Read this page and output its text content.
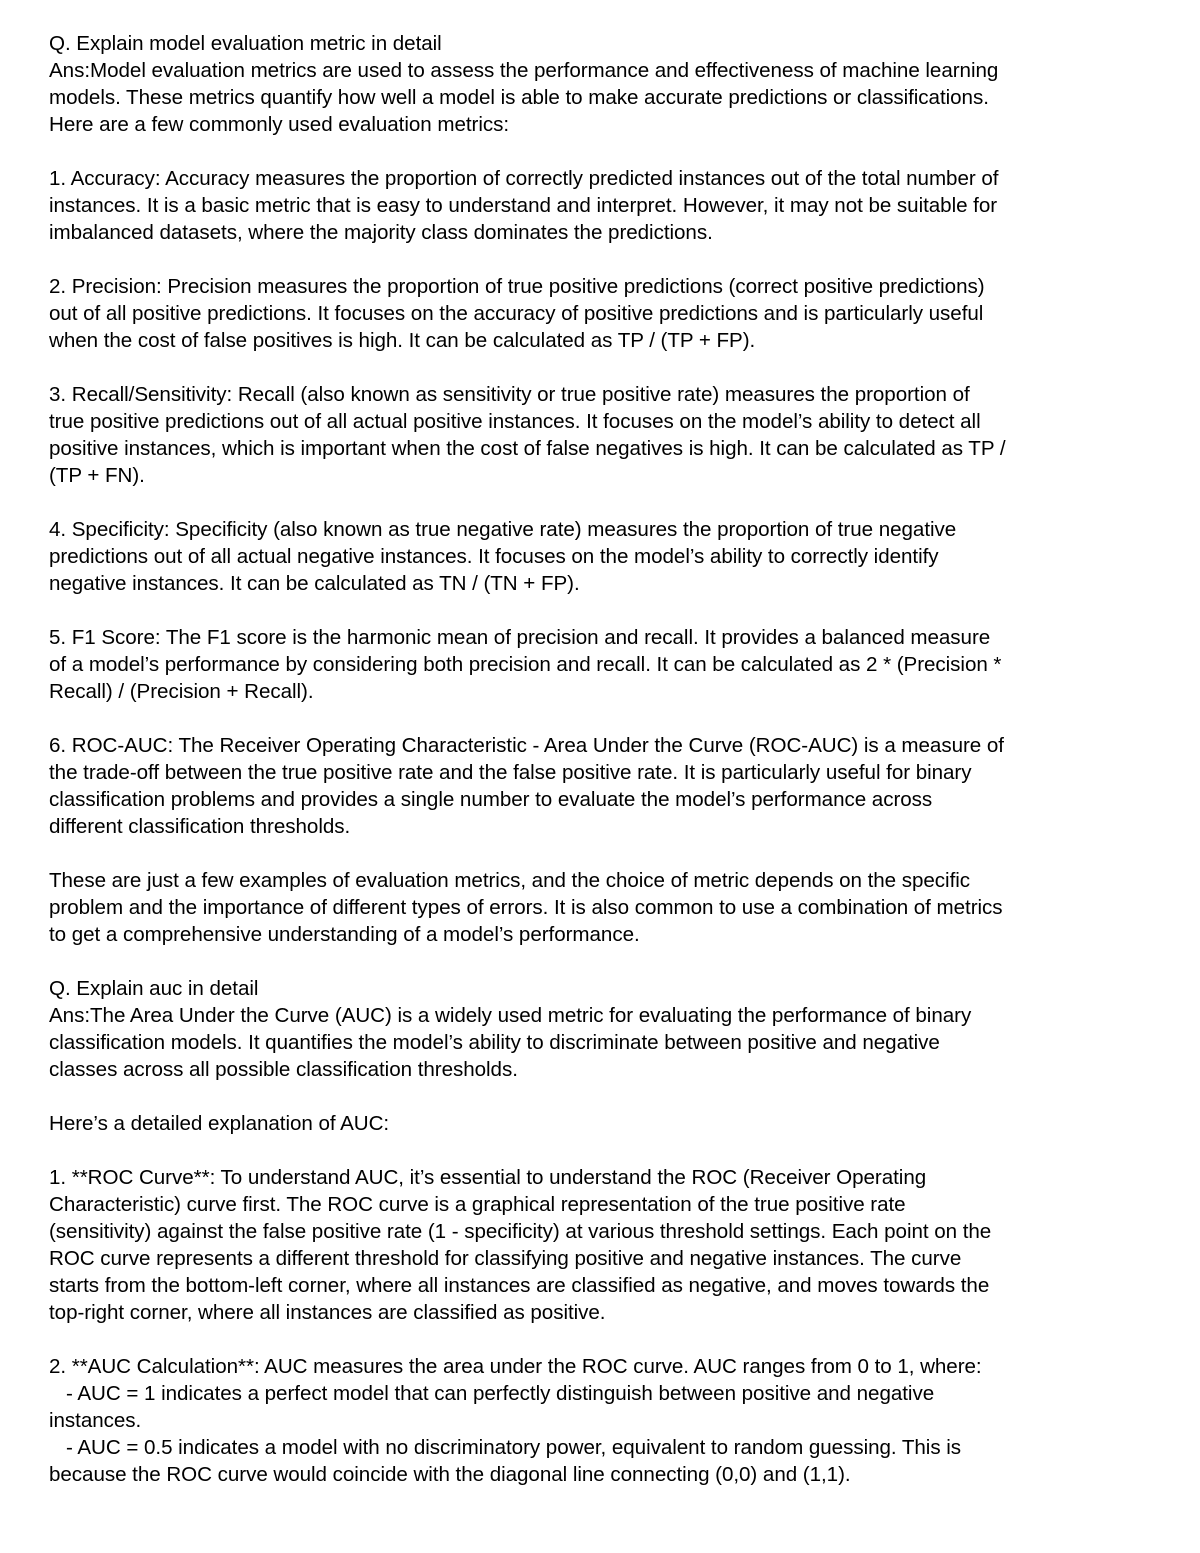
Q. Explain model evaluation metric in detail
Ans:Model evaluation metrics are used to assess the performance and effectiveness of machine learning
models. These metrics quantify how well a model is able to make accurate predictions or classifications.
Here are a few commonly used evaluation metrics:
1. Accuracy: Accuracy measures the proportion of correctly predicted instances out of the total number of
instances. It is a basic metric that is easy to understand and interpret. However, it may not be suitable for
imbalanced datasets, where the majority class dominates the predictions.
2. Precision: Precision measures the proportion of true positive predictions (correct positive predictions)
out of all positive predictions. It focuses on the accuracy of positive predictions and is particularly useful
when the cost of false positives is high. It can be calculated as TP / (TP + FP).
3. Recall/Sensitivity: Recall (also known as sensitivity or true positive rate) measures the proportion of
true positive predictions out of all actual positive instances. It focuses on the model’s ability to detect all
positive instances, which is important when the cost of false negatives is high. It can be calculated as TP /
(TP + FN).
4. Specificity: Specificity (also known as true negative rate) measures the proportion of true negative
predictions out of all actual negative instances. It focuses on the model’s ability to correctly identify
negative instances. It can be calculated as TN / (TN + FP).
5. F1 Score: The F1 score is the harmonic mean of precision and recall. It provides a balanced measure
of a model’s performance by considering both precision and recall. It can be calculated as 2 * (Precision *
Recall) / (Precision + Recall).
6. ROC-AUC: The Receiver Operating Characteristic - Area Under the Curve (ROC-AUC) is a measure of
the trade-off between the true positive rate and the false positive rate. It is particularly useful for binary
classification problems and provides a single number to evaluate the model’s performance across
different classification thresholds.
These are just a few examples of evaluation metrics, and the choice of metric depends on the specific
problem and the importance of different types of errors. It is also common to use a combination of metrics
to get a comprehensive understanding of a model’s performance.
Q. Explain auc in detail
Ans:The Area Under the Curve (AUC) is a widely used metric for evaluating the performance of binary
classification models. It quantifies the model’s ability to discriminate between positive and negative
classes across all possible classification thresholds.
Here’s a detailed explanation of AUC:
1. **ROC Curve**: To understand AUC, it’s essential to understand the ROC (Receiver Operating
Characteristic) curve first. The ROC curve is a graphical representation of the true positive rate
(sensitivity) against the false positive rate (1 - specificity) at various threshold settings. Each point on the
ROC curve represents a different threshold for classifying positive and negative instances. The curve
starts from the bottom-left corner, where all instances are classified as negative, and moves towards the
top-right corner, where all instances are classified as positive.
2. **AUC Calculation**: AUC measures the area under the ROC curve. AUC ranges from 0 to 1, where:
- AUC = 1 indicates a perfect model that can perfectly distinguish between positive and negative
instances.
- AUC = 0.5 indicates a model with no discriminatory power, equivalent to random guessing. This is
because the ROC curve would coincide with the diagonal line connecting (0,0) and (1,1).
